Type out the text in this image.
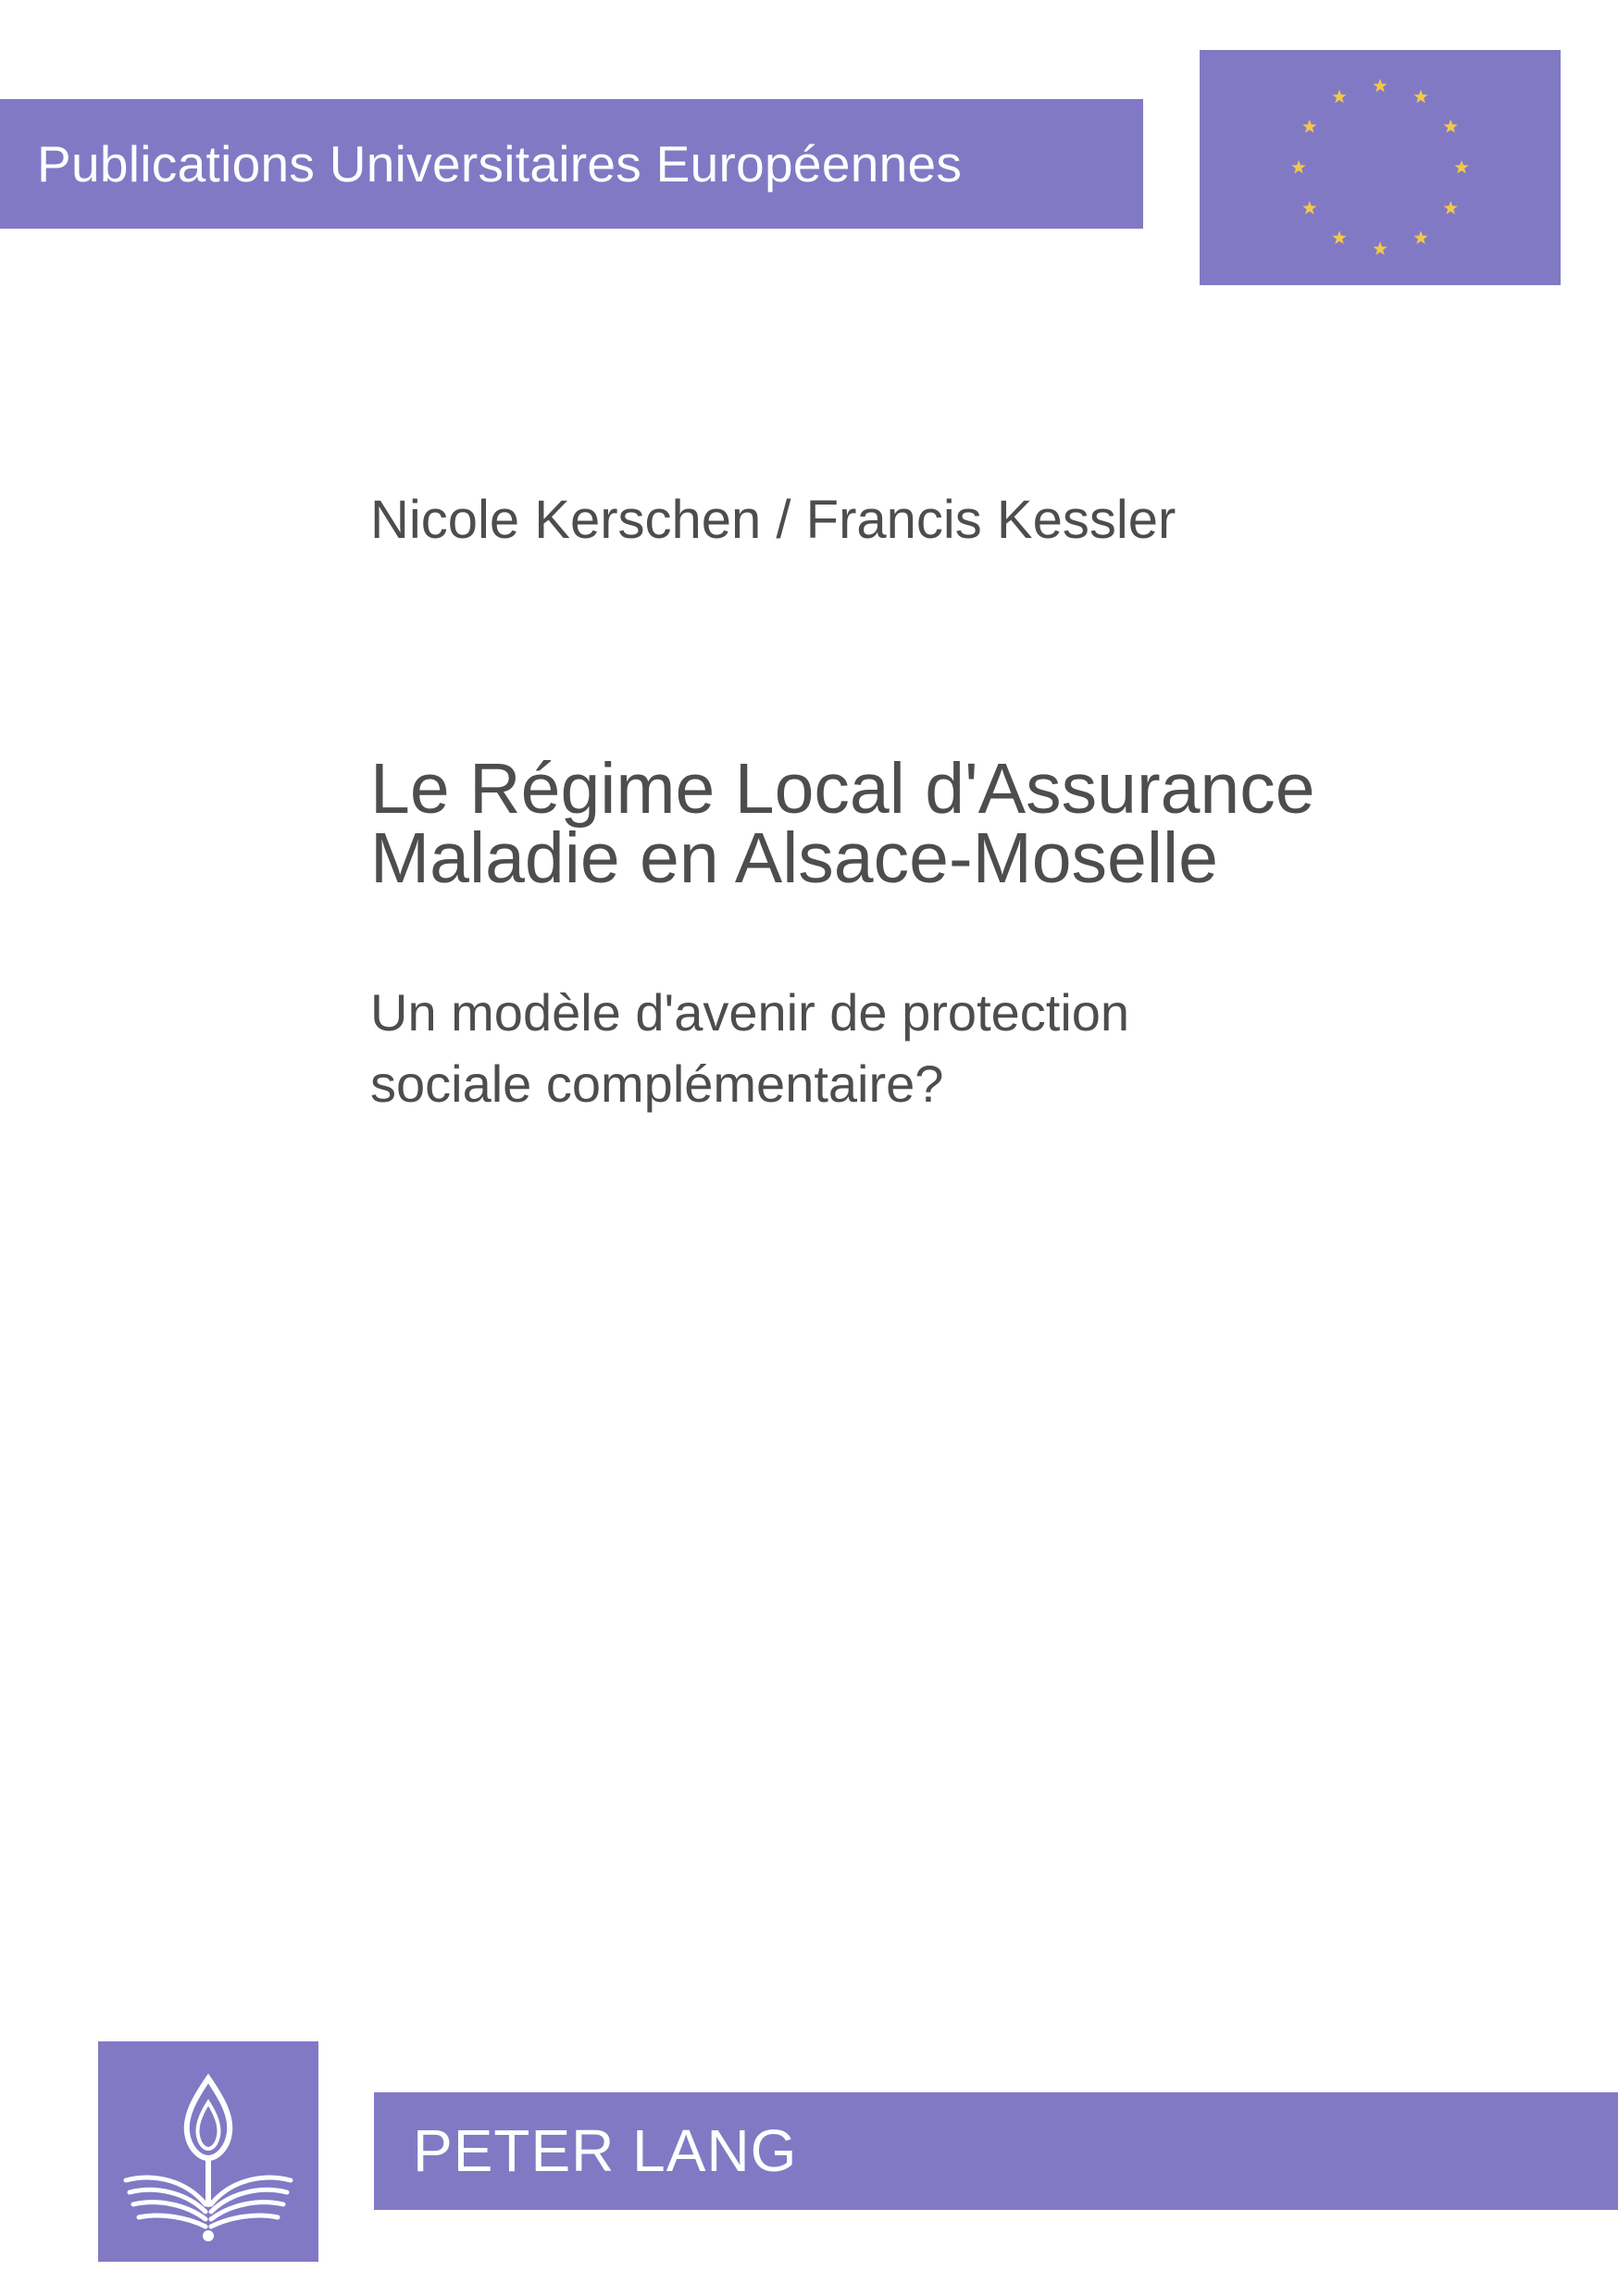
Publications Universitaires Européennes
Nicole Kerschen / Francis Kessler
Le Régime Local d'Assurance
Maladie en Alsace-Moselle
Un modèle d'avenir de protection
sociale complémentaire?
PETER LANG
